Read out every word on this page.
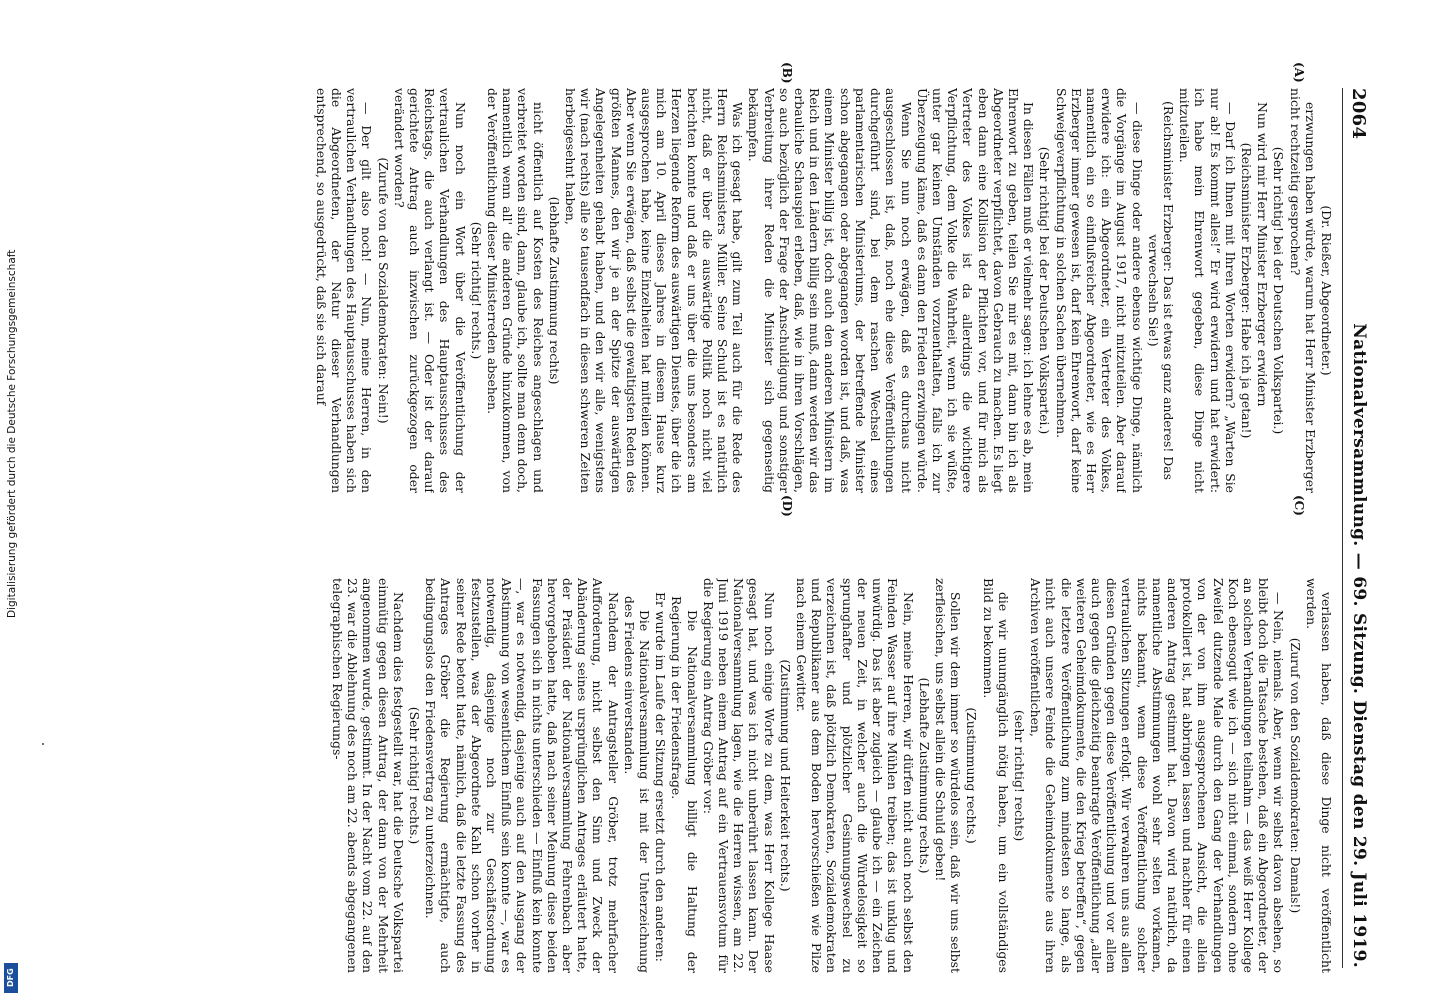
2064
Nationalversammlung. — 69. Sitzung. Dienstag den 29. Juli 1919.
(A)
(B)
(C)
(D)

(Dr. Rießer, Abgeordneter.)

erzwungen haben würde, warum hat Herr Minister Erzberger nicht rechtzeitig gesprochen?

(Sehr richtig! bei der Deutschen Volkspartei.)

Nun wird mir Herr Minister Erzberger erwidern

(Reichsminister Erzberger: Habe ich ja getan!)

— Darf ich Ihnen mit Ihren Worten erwidern? „Warten Sie nur ab! Es kommt alles!“ Er wird erwidern und hat erwidert: ich habe mein Ehrenwort gegeben, diese Dinge nicht mitzuteilen.

(Reichsminister Erzberger: Das ist etwas ganz anderes! Das verwechseln Sie!)

— diese Dinge oder andere ebenso wichtige Dinge, nämlich die Vorgänge im August 1917, nicht mitzuteilen. Aber darauf erwidere ich: ein Abgeordneter, ein Vertreter des Volkes, namentlich ein so einflußreicher Abgeordneter, wie es Herr Erzberger immer gewesen ist, darf kein Ehrenwort, darf keine Schweigeverpflichtung in solchen Sachen übernehmen.

(Sehr richtig! bei der Deutschen Volkspartei.)

In diesen Fällen muß er vielmehr sagen: ich lehne es ab, mein Ehrenwort zu geben, teilen Sie mir es mit, dann bin ich als Abgeordneter verpflichtet, davon Gebrauch zu machen. Es liegt eben dann eine Kollision der Pflichten vor, und für mich als Vertreter des Volkes ist da allerdings die wichtigere Verpflichtung, dem Volke die Wahrheit, wenn ich sie wüßte, unter gar keinen Umständen vorzuenthalten, falls ich zur Überzeugung käme, daß es dann den Frieden erzwingen würde.

Wenn Sie nun noch erwägen, daß es durchaus nicht ausgeschlossen ist, daß, noch ehe diese Veröffentlichungen durchgeführt sind, bei dem raschen Wechsel eines parlamentarischen Ministeriums, der betreffende Minister schon abgegangen oder abgegangen worden ist, und daß, was einem Minister billig ist, doch auch den anderen Ministern im Reich und in den Ländern billig sein muß, dann werden wir das erbauliche Schauspiel erleben, daß, wie in ihren Vorschlägen, so auch bezüglich der Frage der Anschuldigung und sonstiger Verbreitung ihrer Reden die Minister sich gegenseitig bekämpfen.

Was ich gesagt habe, gilt zum Teil auch für die Rede des Herrn Reichsministers Müller. Seine Schuld ist es natürlich nicht, daß er über die auswärtige Politik noch nicht viel berichten konnte und daß er uns über die uns besonders am Herzen liegende Reform des auswärtigen Dienstes, über die ich mich am 10. April dieses Jahres in diesem Hause kurz ausgesprochen habe, keine Einzelheiten hat mitteilen können. Aber wenn Sie erwägen, daß selbst die gewaltigsten Reden des größten Mannes, den wir je an der Spitze der auswärtigen Angelegenheiten gehabt haben, und den wir alle, wenigstens wir (nach rechts) alle so tausendfach in diesen schweren Zeiten herbeigesehnt haben,

(lebhafte Zustimmung rechts)

nicht öffentlich auf Kosten des Reiches angeschlagen und verbreitet worden sind, dann, glaube ich, sollte man denn doch, namentlich wenn all' die anderen Gründe hinzukommen, von der Veröffentlichung dieser Ministerreden absehen.

(Sehr richtig! rechts.)

Nun noch ein Wort über die Veröffentlichung der vertraulichen Verhandlungen des Hauptausschusses des Reichstags, die auch verlangt ist. — Oder ist der darauf gerichtete Antrag auch inzwischen zurückgezogen oder verändert worden?

(Zurufe von den Sozialdemokraten: Nein!)

— Der gilt also noch! — Nun, meine Herren, in den vertraulichen Verhandlungen des Hauptausschusses haben sich die Abgeordneten, der Natur dieser Verhandlungen entsprechend, so ausgedrückt, daß sie sich darauf

verlassen haben, daß diese Dinge nicht veröffentlicht werden.

(Zuruf von den Sozialdemokraten: Damals!)

— Nein, niemals. Aber, wenn wir selbst davon absehen, so bleibt doch die Tatsache bestehen, daß ein Abgeordneter, der an solchen Verhandlungen teilnahm — das weiß Herr Kollege Koch ebensogut wie ich — sich nicht einmal, sondern ohne Zweifel dutzende Male durch den Gang der Verhandlungen von der von ihm ausgesprochenen Ansicht, die allein protokolliert ist, hat abbringen lassen und nachher für einen anderen Antrag gestimmt hat. Davon wird natürlich, da namentliche Abstimmungen wohl sehr selten vorkamen, nichts bekannt, wenn diese Veröffentlichung solcher vertraulichen Sitzungen erfolgt. Wir verwahren uns aus allen diesen Gründen gegen diese Veröffentlichung und vor allem auch gegen die gleichzeitig beantragte Veröffentlichung „aller weiteren Geheimdokumente, die den Krieg betreffen“, gegen die letztere Veröffentlichung zum mindesten so lange, als nicht auch unsere Feinde die Geheimdokumente aus ihren Archiven veröffentlichen,

(sehr richtig! rechts)

die wir unumgänglich nötig haben, um ein vollständiges Bild zu bekommen.

(Zustimmung rechts.)

Sollen wir dem immer so würdelos sein, daß wir uns selbst zerfleischen, uns selbst allein die Schuld geben!

(Lebhafte Zustimmung rechts.)

Nein, meine Herren, wir dürfen nicht auch noch selbst den Feinden Wasser auf ihre Mühlen treiben; das ist unklug und unwürdig. Das ist aber zugleich — glaube ich — ein Zeichen der neuen Zeit, in welcher auch die Würdelosigkeit so sprunghafter und plötzlicher Gesinnungswechsel zu verzeichnen ist, daß plötzlich Demokraten, Sozialdemokraten und Republikaner aus dem Boden hervorschießen wie Pilze nach einem Gewitter.

(Zustimmung und Heiterkeit rechts.)

Nun noch einige Worte zu dem, was Herr Kollege Haase gesagt hat, und was ich nicht unberührt lassen kann. Der Nationalversammlung lagen, wie die Herren wissen, am 22. Juni 1919 neben einem Antrag auf ein Vertrauensvotum für die Regierung ein Antrag Gröber vor:

Die Nationalversammlung billigt die Haltung der Regierung in der Friedensfrage.

Er wurde im Laufe der Sitzung ersetzt durch den anderen:

Die Nationalversammlung ist mit der Unterzeichnung des Friedens einverstanden.

Nachdem der Antragsteller Gröber, trotz mehrfacher Aufforderung, nicht selbst den Sinn und Zweck der Abänderung seines ursprünglichen Antrages erläutert hatte, der Präsident der Nationalversammlung Fehrenbach aber hervorgehoben hatte, daß nach seiner Meinung diese beiden Fassungen sich in nichts unterschieden — Einfluß kein konnte —, war es notwendig, dasjenige auch auf den Ausgang der Abstimmung von wesentlichem Einfluß sein konnte —, war es notwendig, dasjenige noch zur Geschäftsordnung festzustellen, was der Abgeordnete Kahl schon vorher in seiner Rede betont hatte, nämlich, daß die letzte Fassung des Antrages Gröber die Regierung ermächtigte, auch bedingungslos den Friedensvertrag zu unterzeichnen.

(Sehr richtig! rechts.)

Nachdem dies festgestellt war, hat die Deutsche Volkspartei einmütig gegen diesen Antrag, der dann von der Mehrheit angenommen wurde, gestimmt. In der Nacht vom 22. auf den 23. war die Ablehnung des noch am 22. abends abgegangenen telegraphischen Regierungs-

Digitalisierung gefördert durch die Deutsche Forschungsgemeinschaft
DFG
